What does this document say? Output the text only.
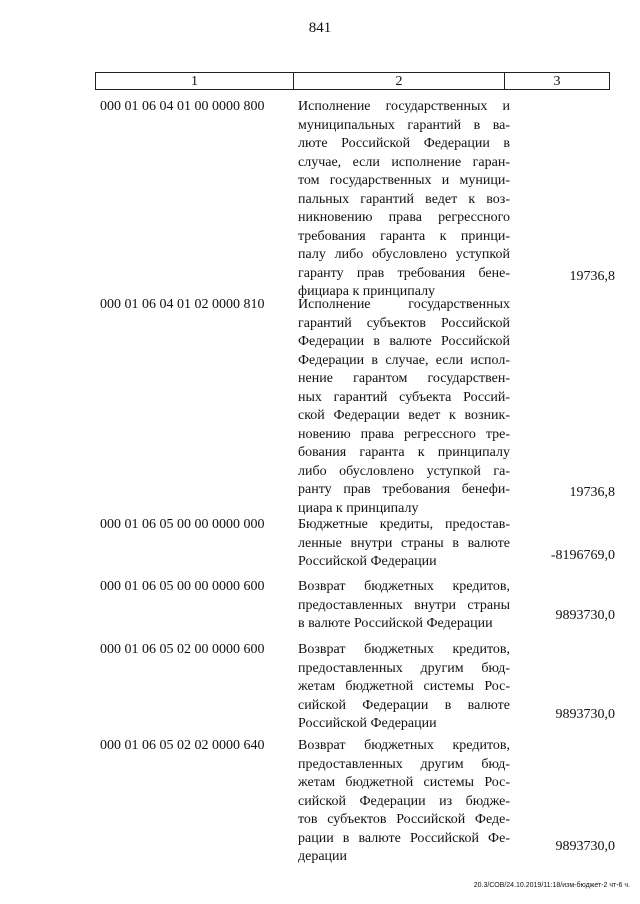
841
1	2	3
000 01 06 04 01 00 0000 800	Исполнение государственных и
муниципальных гарантий в ва-
люте Российской Федерации в
случае, если исполнение гаран-
том государственных и муници-
пальных гарантий ведет к воз-
никновению права регрессного
требования гаранта к принци-
палу либо обусловлено уступкой
гаранту прав требования бене-
фициара к принципалу
19736,8
000 01 06 04 01 02 0000 810	Исполнение государственных
гарантий субъектов Российской
Федерации в валюте Российской
Федерации в случае, если испол-
нение гарантом государствен-
ных гарантий субъекта Россий-
ской Федерации ведет к возник-
новению права регрессного тре-
бования гаранта к принципалу
либо обусловлено уступкой га-
ранту прав требования бенефи-
циара к принципалу
19736,8
000 01 06 05 00 00 0000 000	Бюджетные кредиты, предостав-
ленные внутри страны в валюте
Российской Федерации	-8196769,0
000 01 06 05 00 00 0000 600	Возврат бюджетных кредитов,
предоставленных внутри страны
в валюте Российской Федерации
9893730,0
000 01 06 05 02 00 0000 600	Возврат бюджетных кредитов,
предоставленных другим бюд-
жетам бюджетной системы Рос-
сийской Федерации в валюте
Российской Федерации
9893730,0
000 01 06 05 02 02 0000 640	Возврат бюджетных кредитов,
предоставленных другим бюд-
жетам бюджетной системы Рос-
сийской Федерации из бюдже-
тов субъектов Российской Феде-
рации в валюте Российской Фе-
дерации
9893730,0
20.3/СОВ/24.10.2019/11:18/изм-бюджет-2 чт-6 ч.
